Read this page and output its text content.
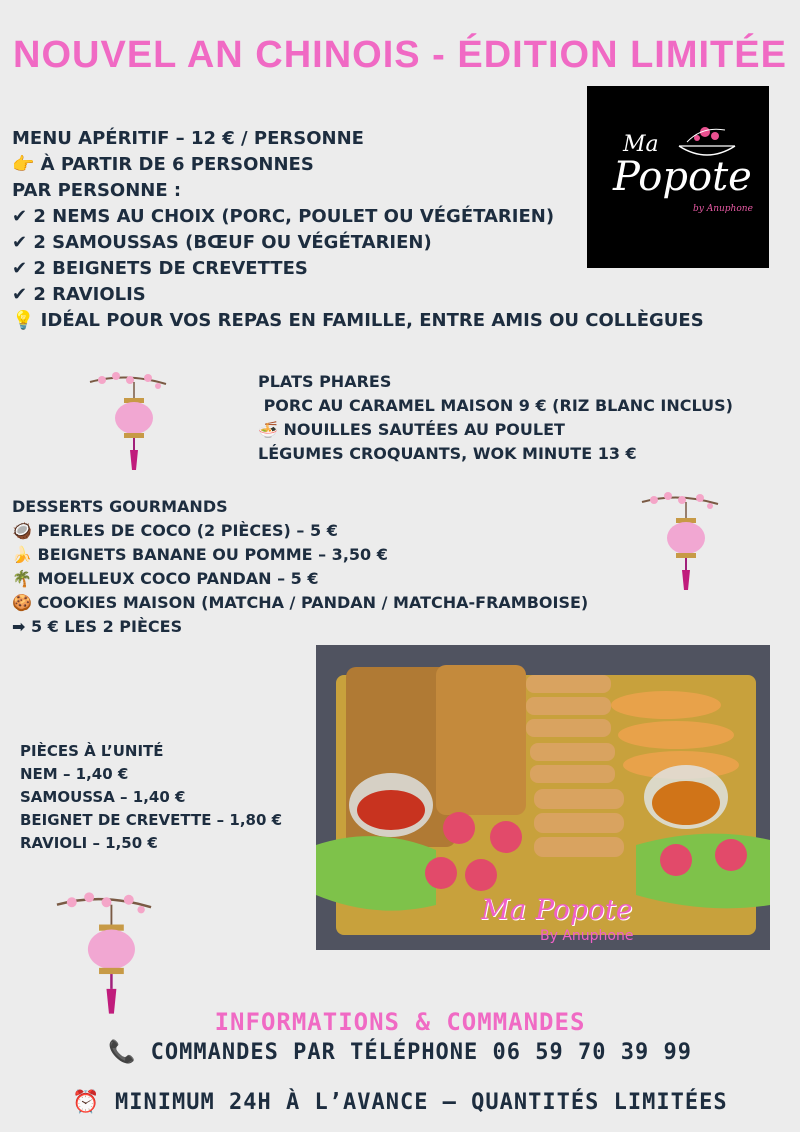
NOUVEL AN CHINOIS - ÉDITION LIMITÉE
MENU APÉRITIF – 12 € / PERSONNE
👉 À PARTIR DE 6 PERSONNES
PAR PERSONNE :
✔ 2 NEMS AU CHOIX (PORC, POULET OU VÉGÉTARIEN)
✔ 2 SAMOUSSAS (BŒUF OU VÉGÉTARIEN)
✔ 2 BEIGNETS DE CREVETTES
✔ 2 RAVIOLIS
💡 IDÉAL POUR VOS REPAS EN FAMILLE, ENTRE AMIS OU COLLÈGUES
Ma
Popote
by Anuphone
PLATS PHARES
PORC AU CARAMEL MAISON 9 € (RIZ BLANC INCLUS)
🍜 NOUILLES SAUTÉES AU POULET
LÉGUMES CROQUANTS, WOK MINUTE 13 €
DESSERTS GOURMANDS
🥥 PERLES DE COCO (2 PIÈCES) – 5 €
🍌 BEIGNETS BANANE OU POMME – 3,50 €
🌴 MOELLEUX COCO PANDAN – 5 €
🍪 COOKIES MAISON (MATCHA / PANDAN / MATCHA-FRAMBOISE)
➡ 5 € LES 2 PIÈCES
PIÈCES À L’UNITÉ
NEM – 1,40 €
SAMOUSSA – 1,40 €
BEIGNET DE CREVETTE – 1,80 €
RAVIOLI – 1,50 €
Ma Popote
By Anuphone
INFORMATIONS & COMMANDES
📞 COMMANDES PAR TÉLÉPHONE 06 59 70 39 99
⏰ MINIMUM 24H À L’AVANCE – QUANTITÉS LIMITÉES
